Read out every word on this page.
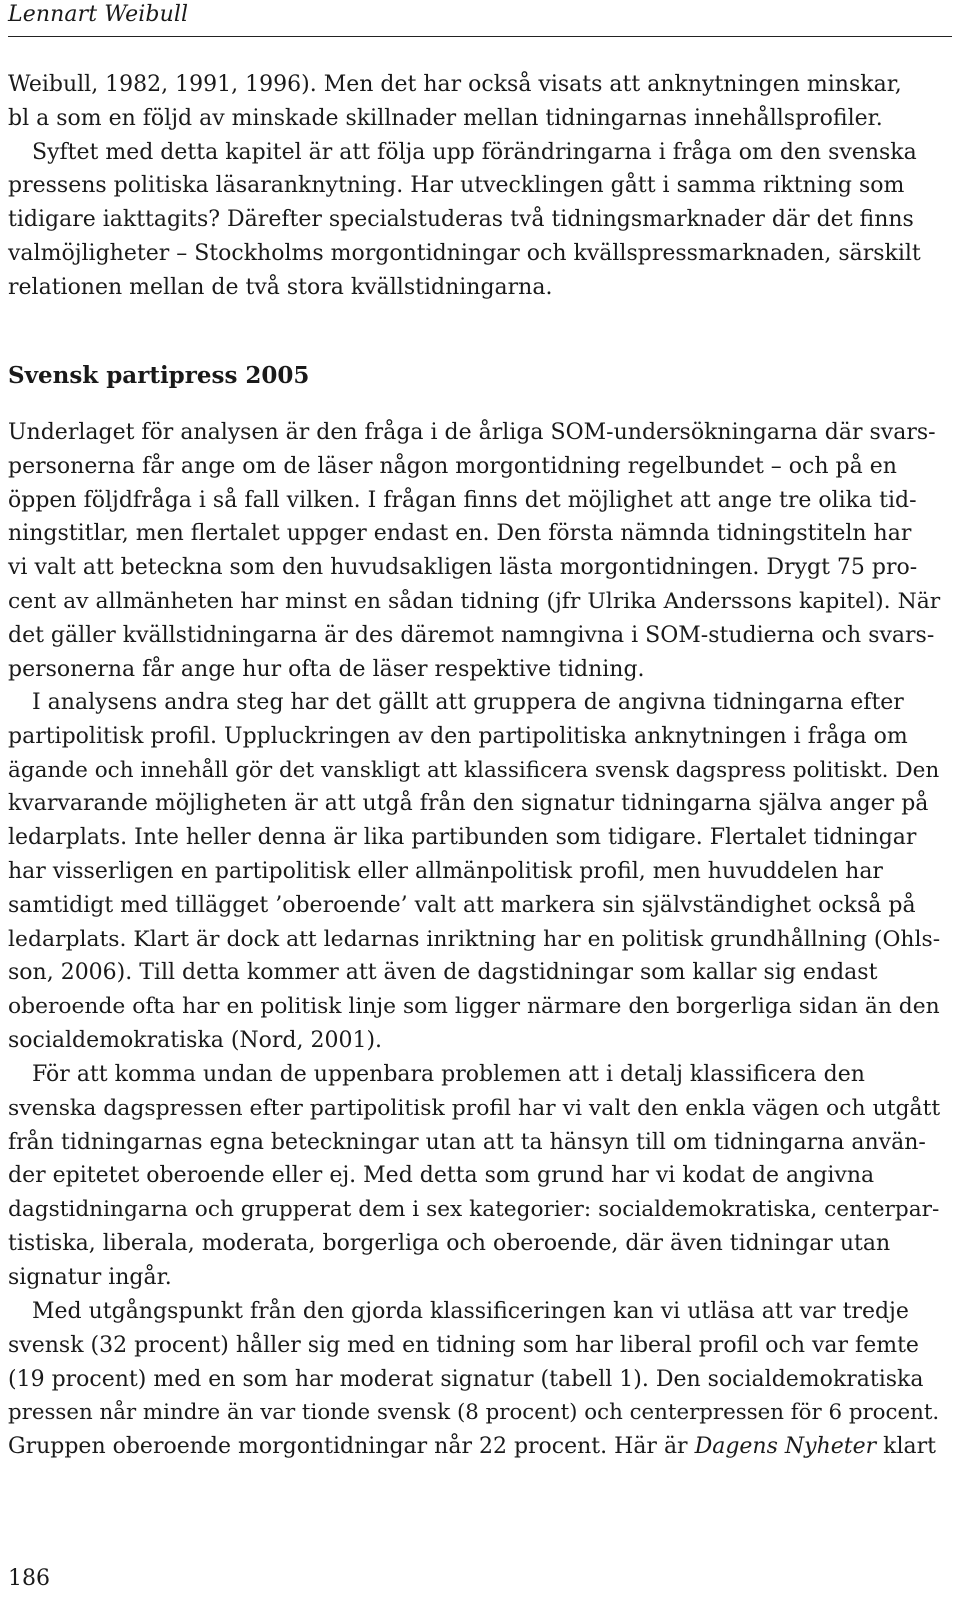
Lennart Weibull

Weibull, 1982, 1991, 1996). Men det har också visats att anknytningen minskar,
bl a som en följd av minskade skillnader mellan tidningarnas innehållsprofiler.
Syftet med detta kapitel är att följa upp förändringarna i fråga om den svenska
pressens politiska läsaranknytning. Har utvecklingen gått i samma riktning som
tidigare iakttagits? Därefter specialstuderas två tidningsmarknader där det finns
valmöjligheter – Stockholms morgontidningar och kvällspressmarknaden, särskilt
relationen mellan de två stora kvällstidningarna.

Svensk partipress 2005

Underlaget för analysen är den fråga i de årliga SOM-undersökningarna där svars-
personerna får ange om de läser någon morgontidning regelbundet – och på en
öppen följdfråga i så fall vilken. I frågan finns det möjlighet att ange tre olika tid-
ningstitlar, men flertalet uppger endast en. Den första nämnda tidningstiteln har
vi valt att beteckna som den huvudsakligen lästa morgontidningen. Drygt 75 pro-
cent av allmänheten har minst en sådan tidning (jfr Ulrika Anderssons kapitel). När
det gäller kvällstidningarna är des däremot namngivna i SOM-studierna och svars-
personerna får ange hur ofta de läser respektive tidning.

I analysens andra steg har det gällt att gruppera de angivna tidningarna efter
partipolitisk profil. Uppluckringen av den partipolitiska anknytningen i fråga om
ägande och innehåll gör det vanskligt att klassificera svensk dagspress politiskt. Den
kvarvarande möjligheten är att utgå från den signatur tidningarna själva anger på
ledarplats. Inte heller denna är lika partibunden som tidigare. Flertalet tidningar
har visserligen en partipolitisk eller allmänpolitisk profil, men huvuddelen har
samtidigt med tillägget ’oberoende’ valt att markera sin självständighet också på
ledarplats. Klart är dock att ledarnas inriktning har en politisk grundhållning (Ohls-
son, 2006). Till detta kommer att även de dagstidningar som kallar sig endast
oberoende ofta har en politisk linje som ligger närmare den borgerliga sidan än den
socialdemokratiska (Nord, 2001).

För att komma undan de uppenbara problemen att i detalj klassificera den
svenska dagspressen efter partipolitisk profil har vi valt den enkla vägen och utgått
från tidningarnas egna beteckningar utan att ta hänsyn till om tidningarna använ-
der epitetet oberoende eller ej. Med detta som grund har vi kodat de angivna
dagstidningarna och grupperat dem i sex kategorier: socialdemokratiska, centerpar-
tistiska, liberala, moderata, borgerliga och oberoende, där även tidningar utan
signatur ingår.

Med utgångspunkt från den gjorda klassificeringen kan vi utläsa att var tredje
svensk (32 procent) håller sig med en tidning som har liberal profil och var femte
(19 procent) med en som har moderat signatur (tabell 1). Den socialdemokratiska
pressen når mindre än var tionde svensk (8 procent) och centerpressen för 6 procent.
Gruppen oberoende morgontidningar når 22 procent. Här är Dagens Nyheter klart

186
